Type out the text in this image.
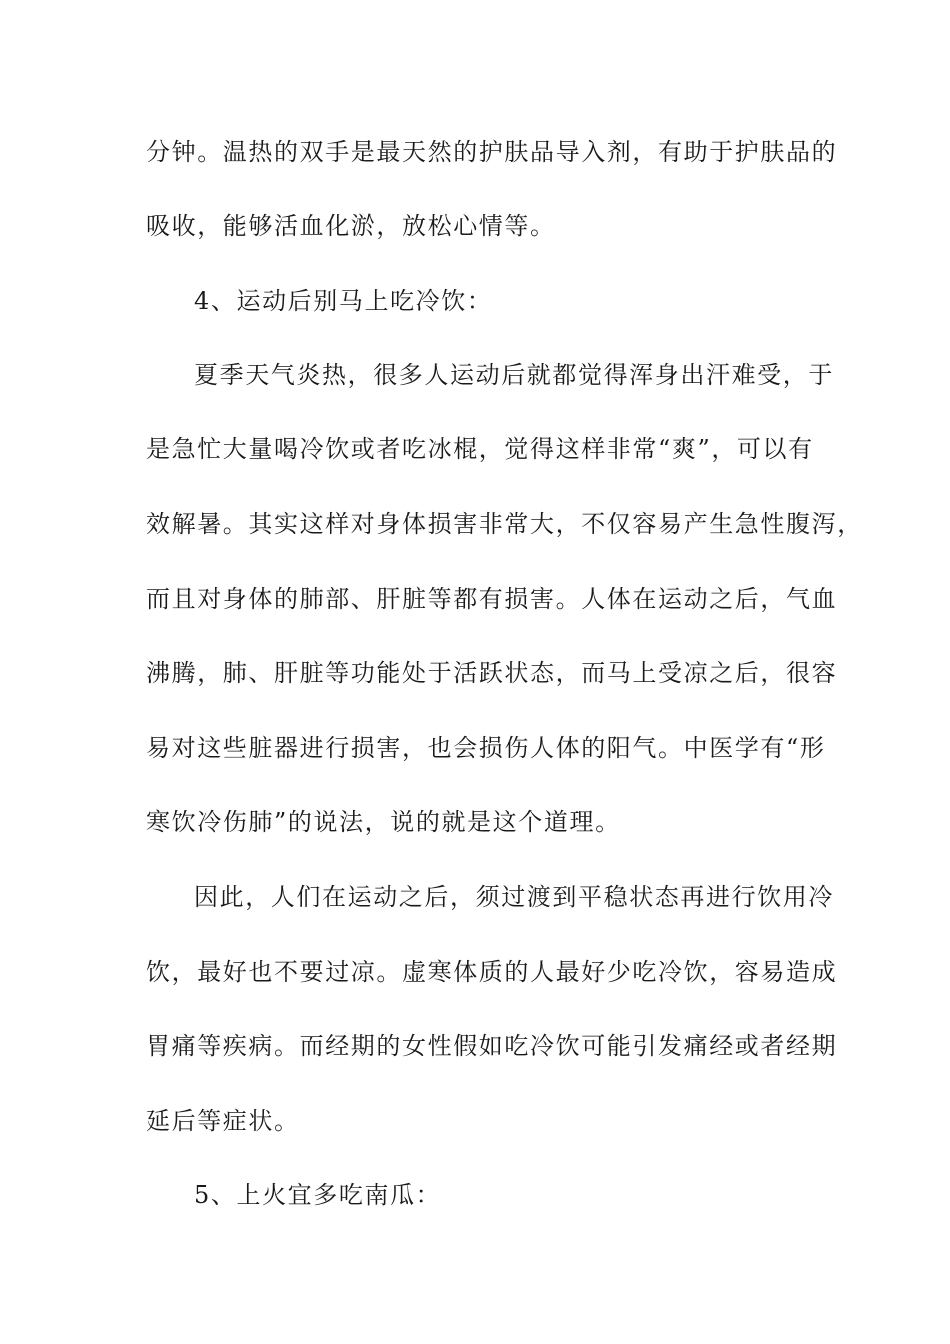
分钟。温热的双手是最天然的护肤品导入剂，有助于护肤品的
吸收，能够活血化淤，放松心情等。
4、运动后别马上吃冷饮：
夏季天气炎热，很多人运动后就都觉得浑身出汗难受，于
是急忙大量喝冷饮或者吃冰棍，觉得这样非常“爽”，可以有
效解暑。其实这样对身体损害非常大，不仅容易产生急性腹泻，
而且对身体的肺部、肝脏等都有损害。人体在运动之后，气血
沸腾，肺、肝脏等功能处于活跃状态，而马上受凉之后，很容
易对这些脏器进行损害，也会损伤人体的阳气。中医学有“形
寒饮冷伤肺”的说法，说的就是这个道理。
因此，人们在运动之后，须过渡到平稳状态再进行饮用冷
饮，最好也不要过凉。虚寒体质的人最好少吃冷饮，容易造成
胃痛等疾病。而经期的女性假如吃冷饮可能引发痛经或者经期
延后等症状。
5、上火宜多吃南瓜：
